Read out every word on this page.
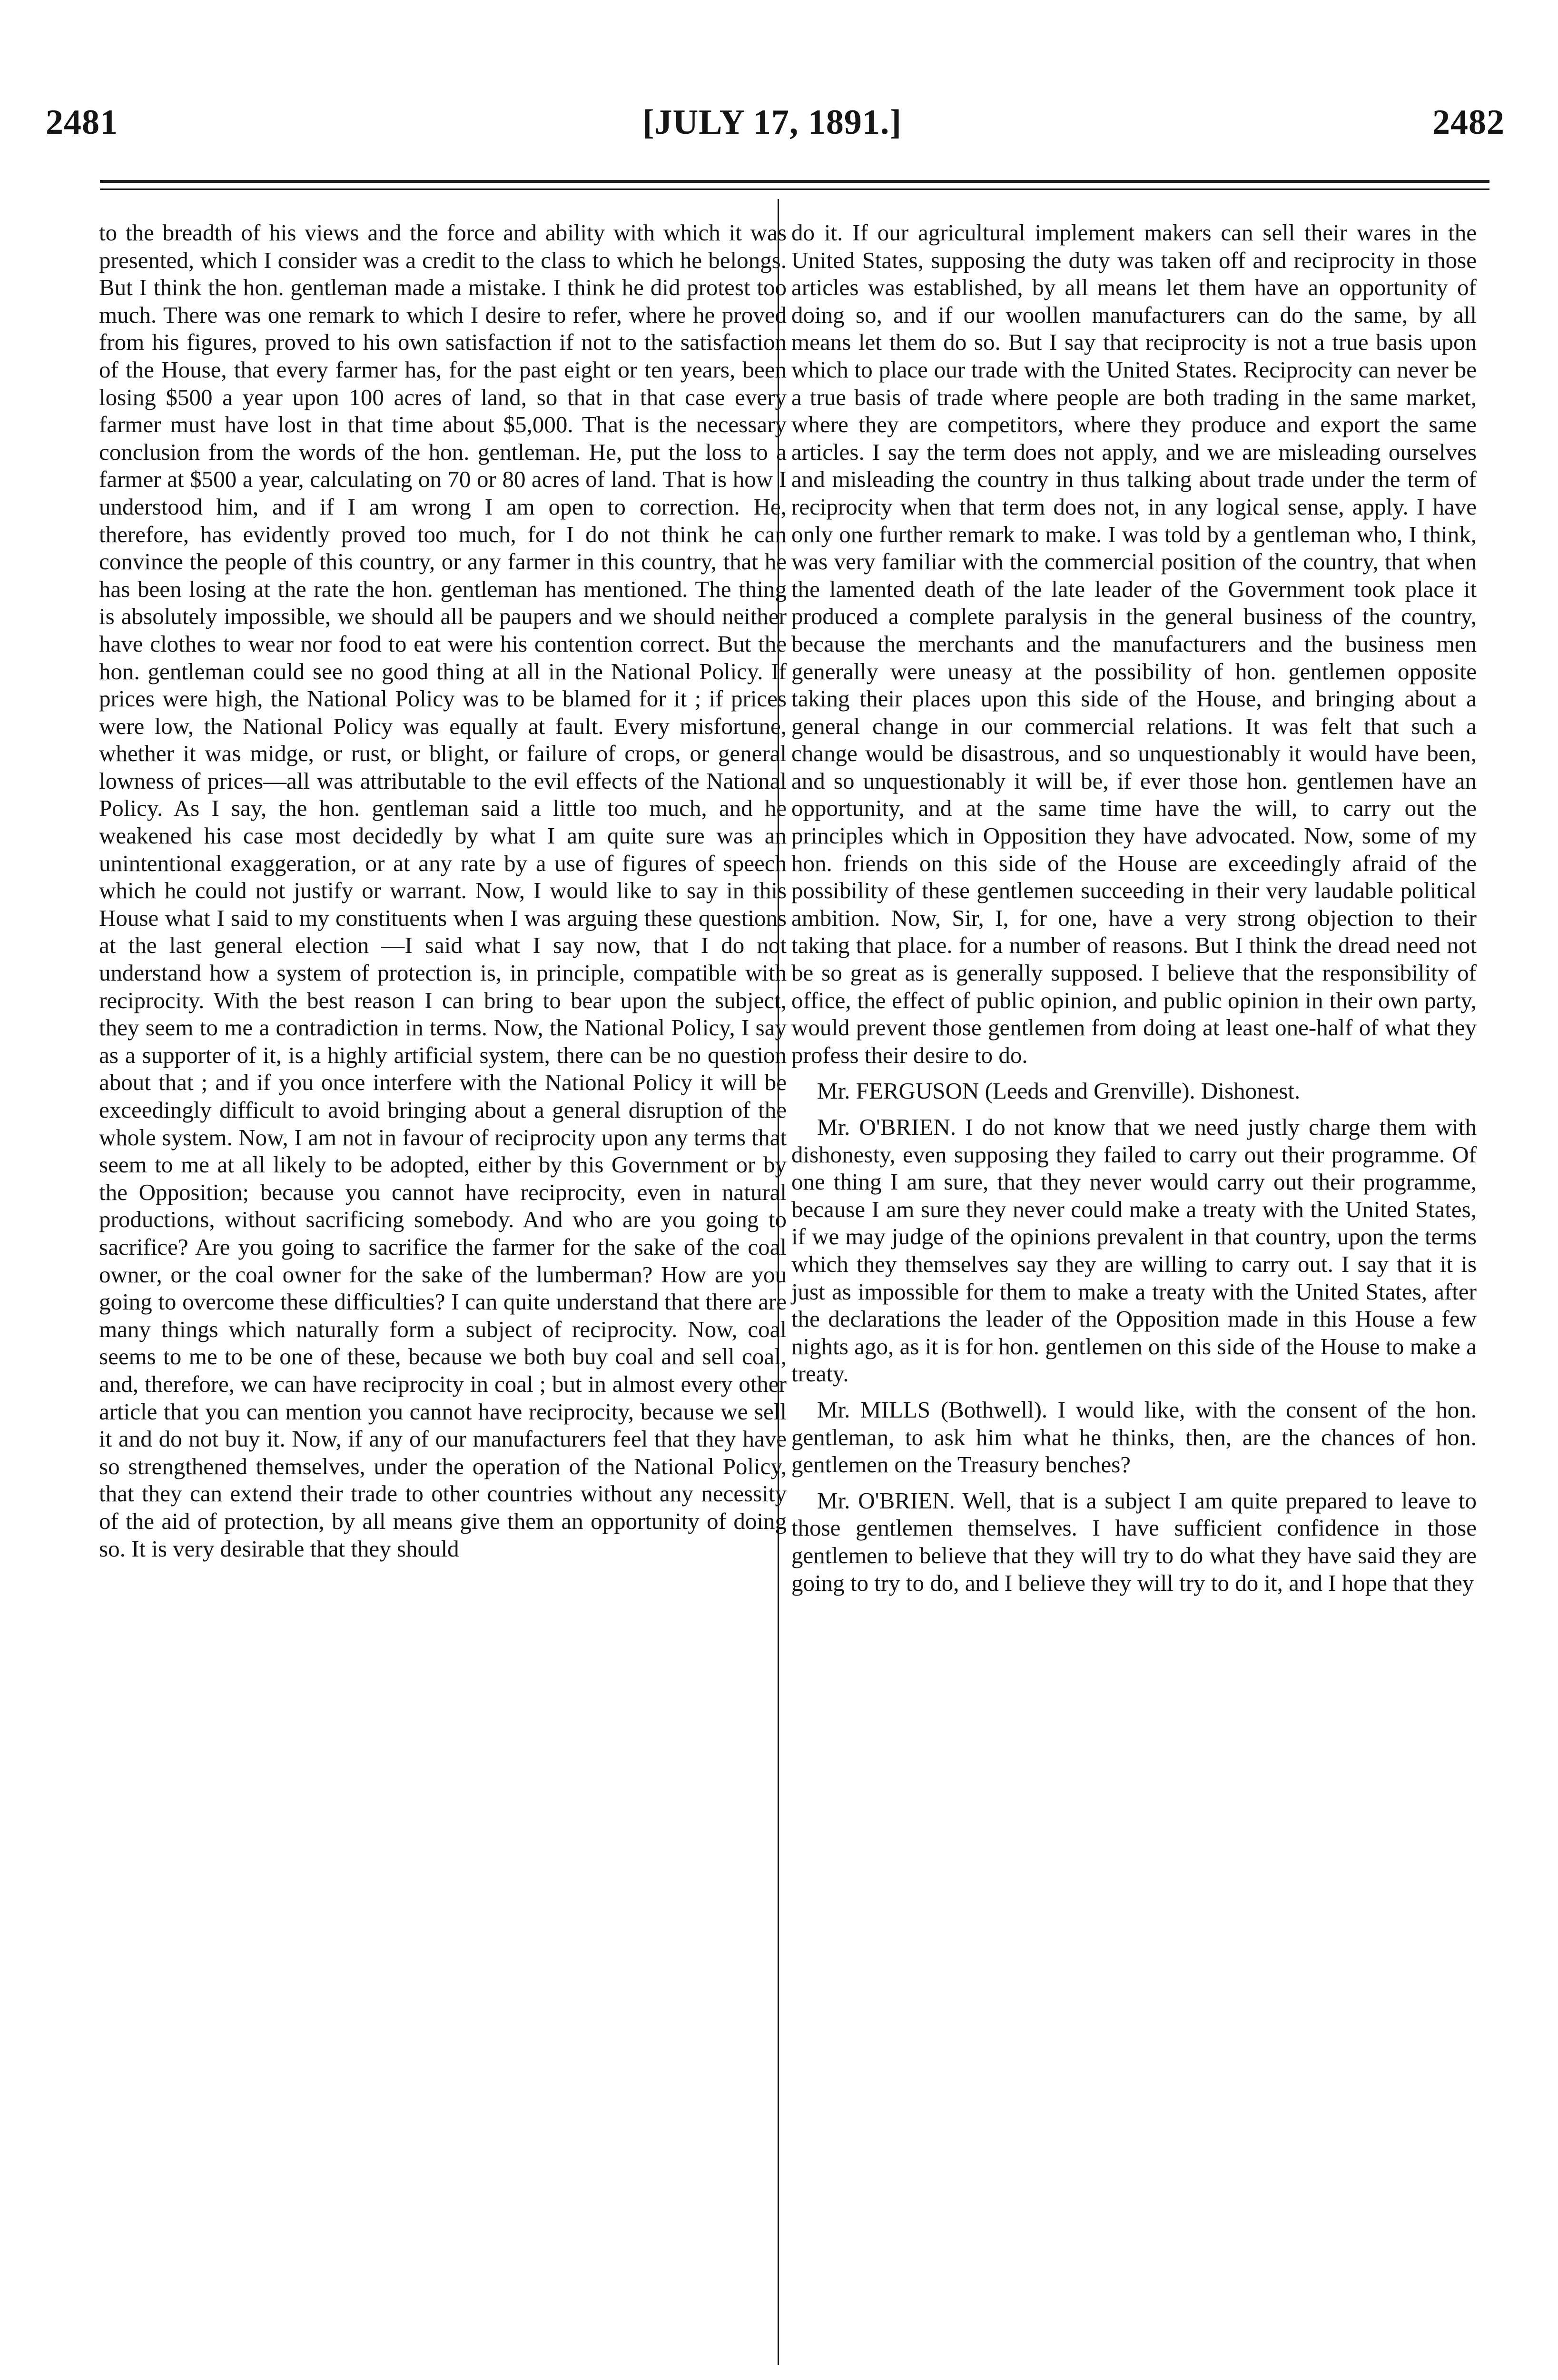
2481	[JULY 17, 1891.]	2482

to the breadth of his views and the force and ability with which it was presented, which I consider was a credit to the class to which he belongs. But I think the hon. gentleman made a mistake. I think he did protest too much. There was one remark to which I desire to refer, where he proved from his figures, proved to his own satisfaction if not to the satisfaction of the House, that every farmer has, for the past eight or ten years, been losing $500 a year upon 100 acres of land, so that in that case every farmer must have lost in that time about $5,000. That is the necessary conclusion from the words of the hon. gentleman. He, put the loss to a farmer at $500 a year, calculating on 70 or 80 acres of land. That is how I understood him, and if I am wrong I am open to correction. He, therefore, has evidently proved too much, for I do not think he can convince the people of this country, or any farmer in this country, that he has been losing at the rate the hon. gentleman has mentioned. The thing is absolutely impossible, we should all be paupers and we should neither have clothes to wear nor food to eat were his contention correct. But the hon. gentleman could see no good thing at all in the National Policy. If prices were high, the National Policy was to be blamed for it ; if prices were low, the National Policy was equally at fault. Every misfortune, whether it was midge, or rust, or blight, or failure of crops, or general lowness of prices—all was attributable to the evil effects of the National Policy. As I say, the hon. gentleman said a little too much, and he weakened his case most decidedly by what I am quite sure was an unintentional exaggeration, or at any rate by a use of figures of speech which he could not justify or warrant. Now, I would like to say in this House what I said to my constituents when I was arguing these questions at the last general election —I said what I say now, that I do not understand how a system of protection is, in principle, compatible with reciprocity. With the best reason I can bring to bear upon the subject, they seem to me a contradiction in terms. Now, the National Policy, I say as a supporter of it, is a highly artificial system, there can be no question about that ; and if you once interfere with the National Policy it will be exceedingly difficult to avoid bringing about a general disruption of the whole system. Now, I am not in favour of reciprocity upon any terms that seem to me at all likely to be adopted, either by this Government or by the Opposition; because you cannot have reciprocity, even in natural productions, without sacrificing somebody. And who are you going to sacrifice? Are you going to sacrifice the farmer for the sake of the coal owner, or the coal owner for the sake of the lumberman? How are you going to overcome these difficulties? I can quite understand that there are many things which naturally form a subject of reciprocity. Now, coal seems to me to be one of these, because we both buy coal and sell coal, and, therefore, we can have reciprocity in coal ; but in almost every other article that you can mention you cannot have reciprocity, because we sell it and do not buy it. Now, if any of our manufacturers feel that they have so strengthened themselves, under the operation of the National Policy, that they can extend their trade to other countries without any necessity of the aid of protection, by all means give them an opportunity of doing so. It is very desirable that they should

do it. If our agricultural implement makers can sell their wares in the United States, supposing the duty was taken off and reciprocity in those articles was established, by all means let them have an opportunity of doing so, and if our woollen manufacturers can do the same, by all means let them do so. But I say that reciprocity is not a true basis upon which to place our trade with the United States. Reciprocity can never be a true basis of trade where people are both trading in the same market, where they are competitors, where they produce and export the same articles. I say the term does not apply, and we are misleading ourselves and misleading the country in thus talking about trade under the term of reciprocity when that term does not, in any logical sense, apply. I have only one further remark to make. I was told by a gentleman who, I think, was very familiar with the commercial position of the country, that when the lamented death of the late leader of the Government took place it produced a complete paralysis in the general business of the country, because the merchants and the manufacturers and the business men generally were uneasy at the possibility of hon. gentlemen opposite taking their places upon this side of the House, and bringing about a general change in our commercial relations. It was felt that such a change would be disastrous, and so unquestionably it would have been, and so unquestionably it will be, if ever those hon. gentlemen have an opportunity, and at the same time have the will, to carry out the principles which in Opposition they have advocated. Now, some of my hon. friends on this side of the House are exceedingly afraid of the possibility of these gentlemen succeeding in their very laudable political ambition. Now, Sir, I, for one, have a very strong objection to their taking that place. for a number of reasons. But I think the dread need not be so great as is generally supposed. I believe that the responsibility of office, the effect of public opinion, and public opinion in their own party, would prevent those gentlemen from doing at least one-half of what they profess their desire to do.

Mr. FERGUSON (Leeds and Grenville). Dishonest.

Mr. O'BRIEN. I do not know that we need justly charge them with dishonesty, even supposing they failed to carry out their programme. Of one thing I am sure, that they never would carry out their programme, because I am sure they never could make a treaty with the United States, if we may judge of the opinions prevalent in that country, upon the terms which they themselves say they are willing to carry out. I say that it is just as impossible for them to make a treaty with the United States, after the declarations the leader of the Opposition made in this House a few nights ago, as it is for hon. gentlemen on this side of the House to make a treaty.

Mr. MILLS (Bothwell). I would like, with the consent of the hon. gentleman, to ask him what he thinks, then, are the chances of hon. gentlemen on the Treasury benches?

Mr. O'BRIEN. Well, that is a subject I am quite prepared to leave to those gentlemen themselves. I have sufficient confidence in those gentlemen to believe that they will try to do what they have said they are going to try to do, and I believe they will try to do it, and I hope that they
